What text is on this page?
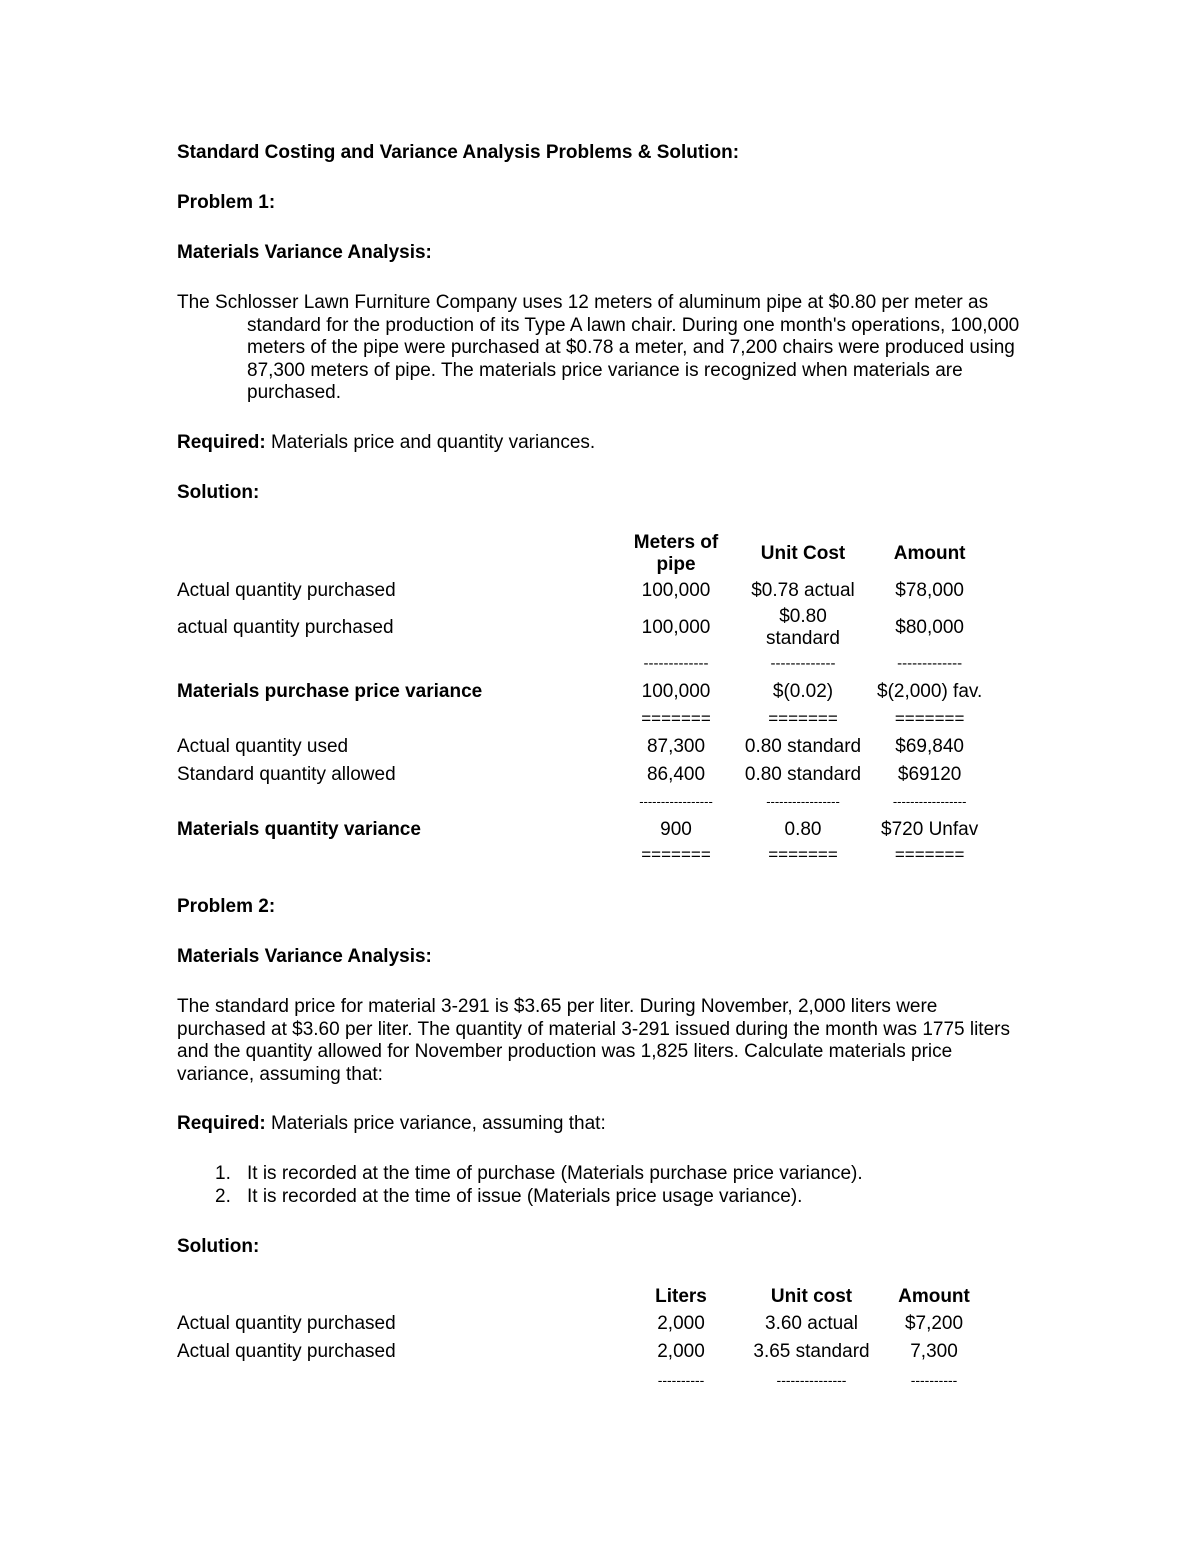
Standard Costing and Variance Analysis Problems & Solution:

Problem 1:

Materials Variance Analysis:

The Schlosser Lawn Furniture Company uses 12 meters of aluminum pipe at $0.80 per meter as standard for the production of its Type A lawn chair. During one month's operations, 100,000 meters of the pipe were purchased at $0.78 a meter, and 7,200 chairs were produced using 87,300 meters of pipe. The materials price variance is recognized when materials are purchased.

Required: Materials price and quantity variances.

Solution:

	Meters of pipe	Unit Cost	Amount
Actual quantity purchased	100,000	$0.78 actual	$78,000
actual quantity purchased	100,000	$0.80 standard	$80,000
	-------------	-------------	-------------
Materials purchase price variance	100,000	$(0.02)	$(2,000) fav.
	=======	=======	=======
Actual quantity used	87,300	0.80 standard	$69,840
Standard quantity allowed	86,400	0.80 standard	$69120
	-----------------	-----------------	-----------------
Materials quantity variance	900	0.80	$720 Unfav
	=======	=======	=======

Problem 2:

Materials Variance Analysis:

The standard price for material 3-291 is $3.65 per liter. During November, 2,000 liters were purchased at $3.60 per liter. The quantity of material 3-291 issued during the month was 1775 liters and the quantity allowed for November production was 1,825 liters. Calculate materials price variance, assuming that:

Required: Materials price variance, assuming that:

1. It is recorded at the time of purchase (Materials purchase price variance).
2. It is recorded at the time of issue (Materials price usage variance).

Solution:

	Liters	Unit cost	Amount
Actual quantity purchased	2,000	3.60 actual	$7,200
Actual quantity purchased	2,000	3.65 standard	7,300
	----------	---------------	----------
